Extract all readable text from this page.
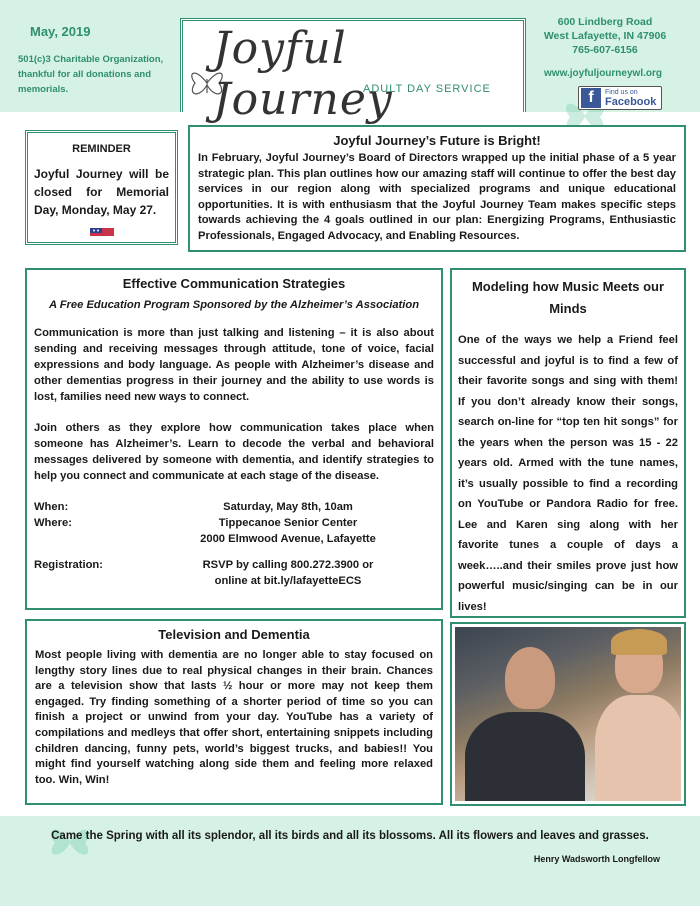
May, 2019
501(c)3 Charitable Organization,
thankful for all donations and
memorials.
Joyful Journey
ADULT DAY SERVICE
600 Lindberg Road
West Lafayette, IN 47906
765-607-6156
www.joyfuljourneywl.org
f	Find us on
Facebook
REMINDER
Joyful Journey will be closed for Memorial Day, Monday, May 27.
Joyful Journey’s Future is Bright!
In February, Joyful Journey’s Board of Directors wrapped up the initial phase of a 5 year strategic plan. This plan outlines how our amazing staff will continue to offer the best day services in our region along with specialized programs and unique educational opportunities. It is with enthusiasm that the Joyful Journey Team makes specific steps towards achieving the 4 goals outlined in our plan: Energizing Programs, Enthusiastic Professionals, Engaged Advocacy, and Enabling Resources.
Effective Communication Strategies
A Free Education Program Sponsored by the Alzheimer’s Association
Communication is more than just talking and listening – it is also about sending and receiving messages through attitude, tone of voice, facial expressions and body language. As people with Alzheimer’s disease and other dementias progress in their journey and the ability to use words is lost, families need new ways to connect.
Join others as they explore how communication takes place when someone has Alzheimer’s. Learn to decode the verbal and behavioral messages delivered by someone with dementia, and identify strategies to help you connect and communicate at each stage of the disease.
When:	Saturday, May 8th, 10am
Where:	Tippecanoe Senior Center
2000 Elmwood Avenue, Lafayette
Registration:	RSVP by calling 800.272.3900 or
online at bit.ly/lafayetteECS
Modeling how Music Meets our Minds
One of the ways we help a Friend feel successful and joyful is to find a few of their favorite songs and sing with them! If you don’t already know their songs, search on-line for “top ten hit songs” for the years when the person was 15 - 22 years old. Armed with the tune names, it’s usually possible to find a recording on YouTube or Pandora Radio for free. Lee and Karen sing along with her favorite tunes a couple of days a week…..and their smiles prove just how powerful music/singing can be in our lives!
Television and Dementia
Most people living with dementia are no longer able to stay focused on lengthy story lines due to real physical changes in their brain. Chances are a television show that lasts ½ hour or more may not keep them engaged. Try finding something of a shorter period of time so you can finish a project or unwind from your day. YouTube has a variety of compilations and medleys that offer short, entertaining snippets including children dancing, funny pets, world’s biggest trucks, and babies!! You might find yourself watching along side them and feeling more relaxed too. Win, Win!
Came the Spring with all its splendor, all its birds and all its blossoms. All its flowers and leaves and grasses.
Henry Wadsworth Longfellow
